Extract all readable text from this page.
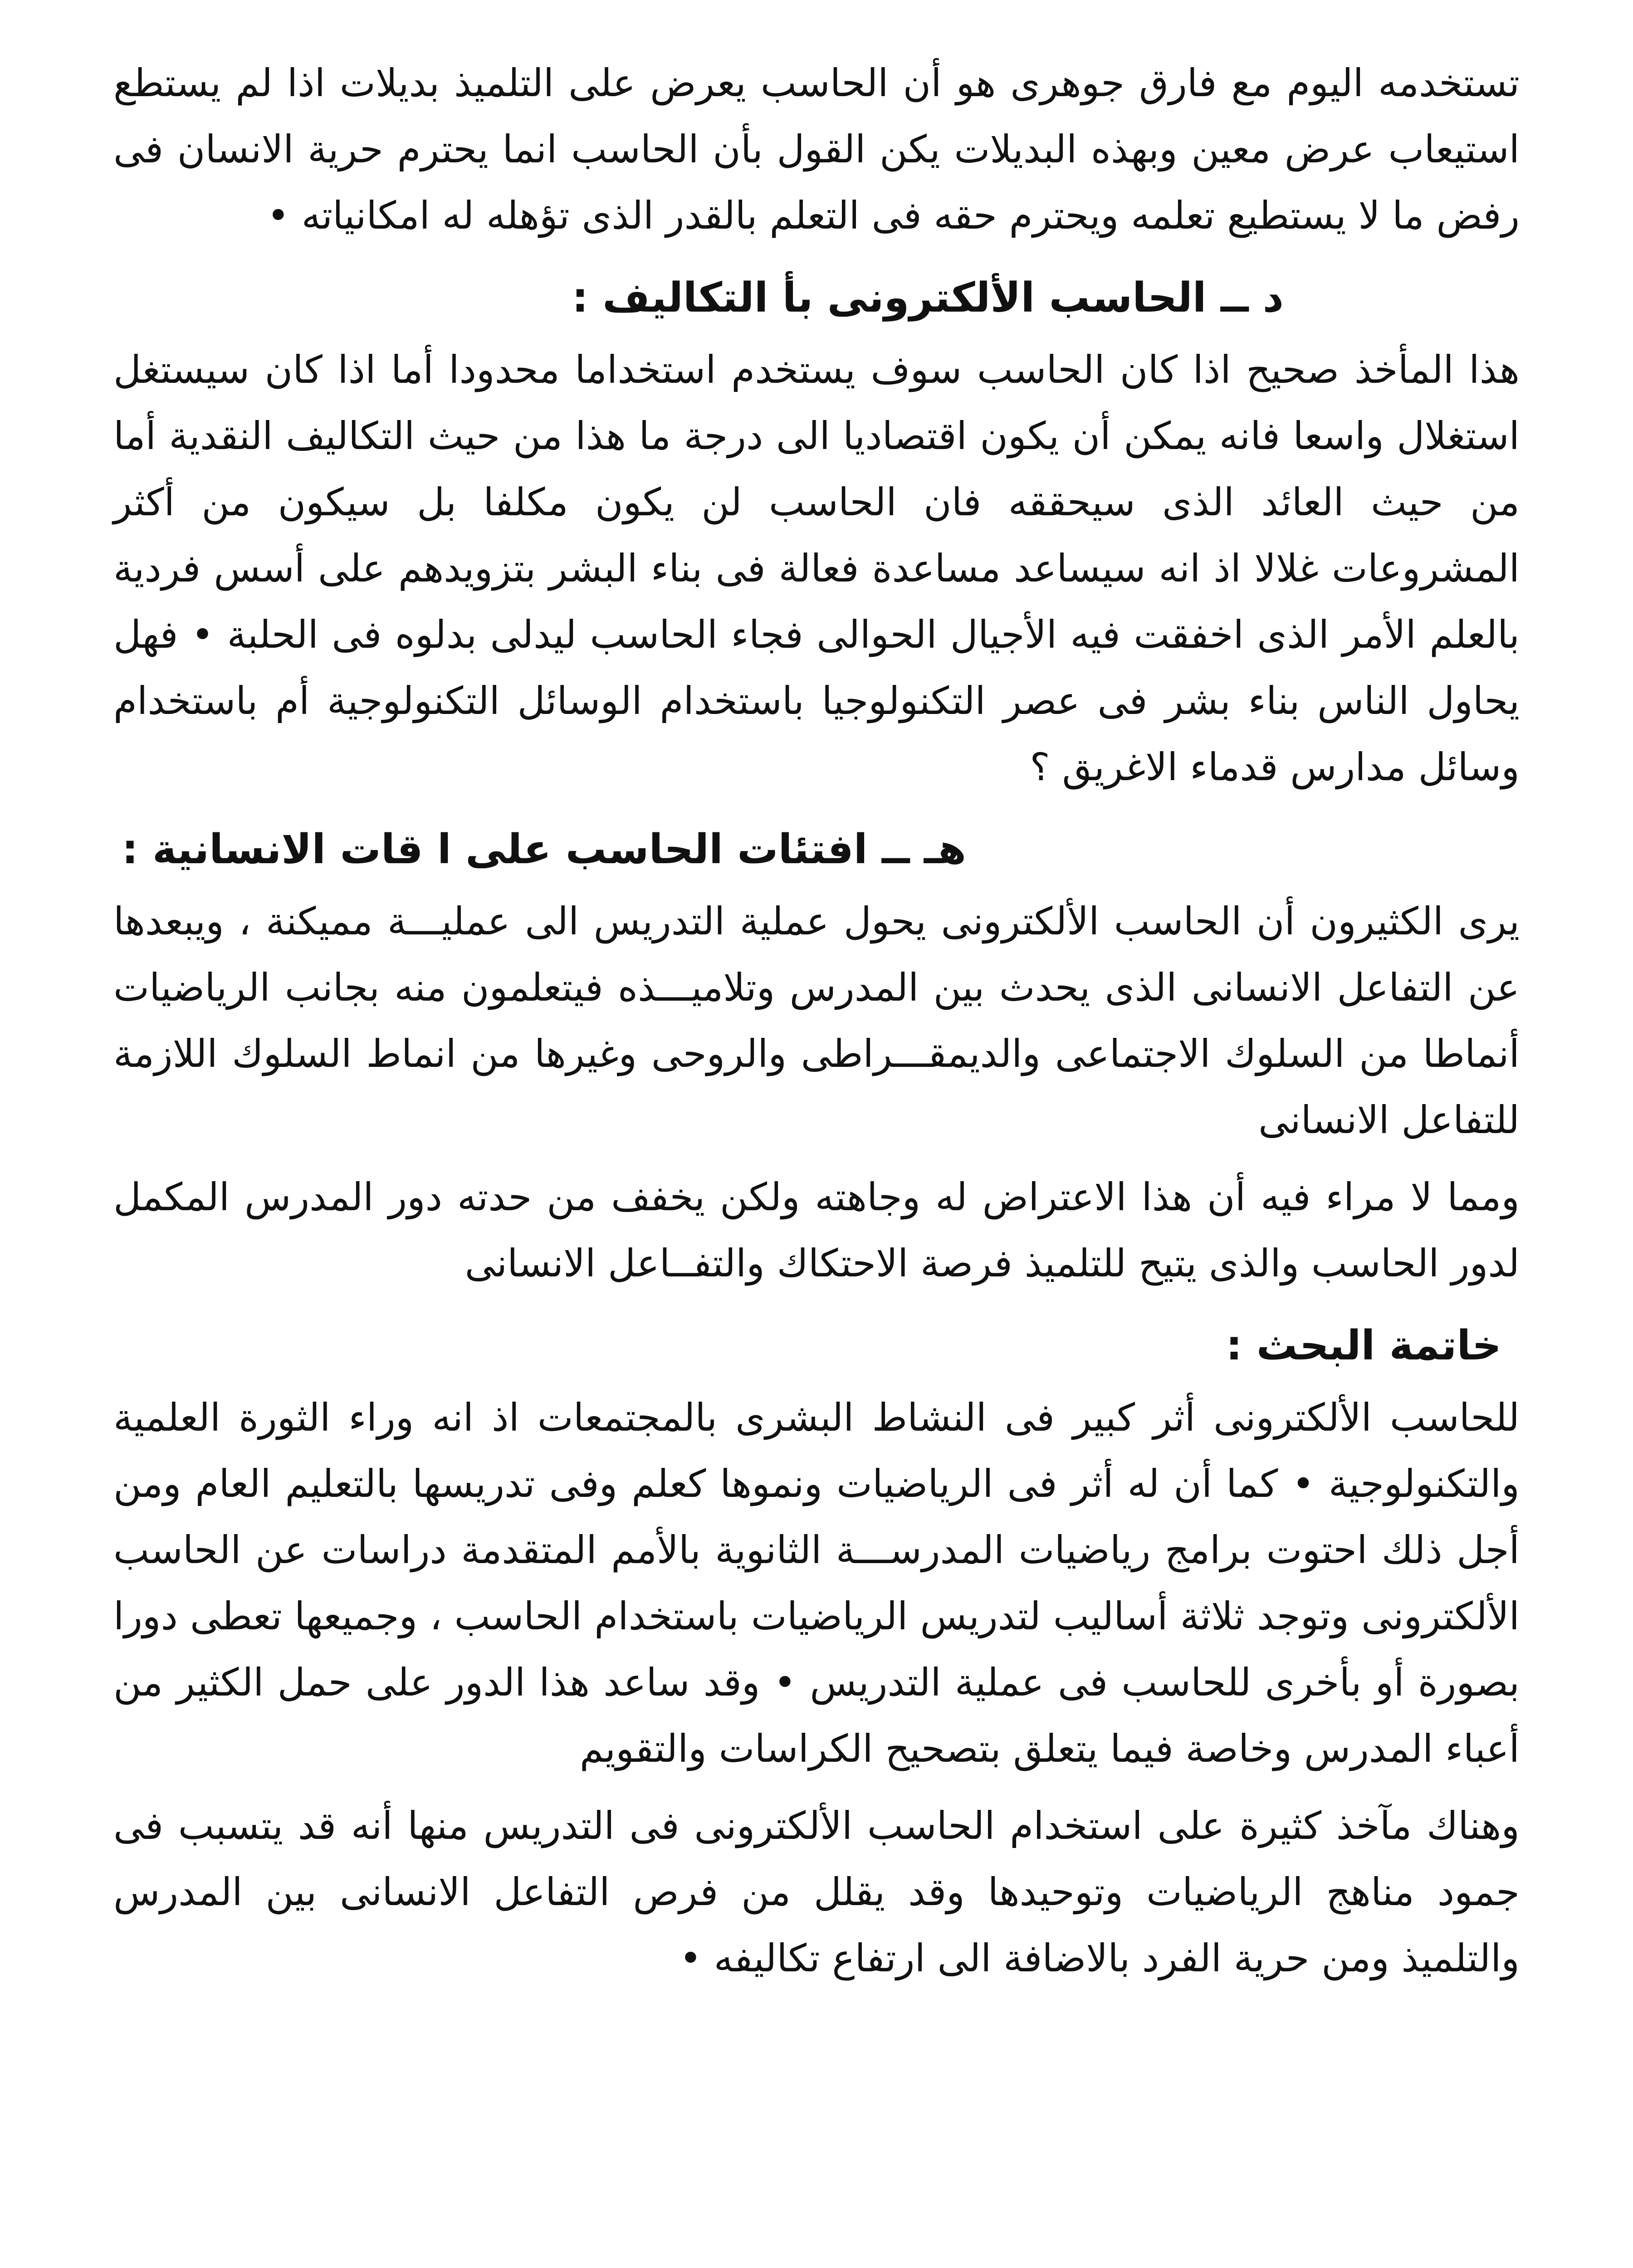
تستخدمه اليوم مع فارق جوهرى هو أن الحاسب يعرض على التلميذ بديلات اذا لم يستطع استيعاب عرض معين وبهذه البديلات يكن القول بأن الحاسب انما يحترم حرية الانسان فى رفض ما لا يستطيع تعلمه ويحترم حقه فى التعلم بالقدر الذى تؤهله له امكانياته •

د ــ الحاسب الألكترونى بأ التكاليف :

هذا المأخذ صحيح اذا كان الحاسب سوف يستخدم استخداما محدودا أما اذا كان سيستغل استغلال واسعا فانه يمكن أن يكون اقتصاديا الى درجة ما هذا من حيث التكاليف النقدية أما من حيث العائد الذى سيحققه فان الحاسب لن يكون مكلفا بل سيكون من أكثر المشروعات غلالا اذ انه سيساعد مساعدة فعالة فى بناء البشر بتزويدهم على أسس فردية بالعلم الأمر الذى اخفقت فيه الأجيال الحوالى فجاء الحاسب ليدلى بدلوه فى الحلبة • فهل يحاول الناس بناء بشر فى عصر التكنولوجيا باستخدام الوسائل التكنولوجية أم باستخدام وسائل مدارس قدماء الاغريق ؟

هـ ــ افتئات الحاسب على ا قات الانسانية :

يرى الكثيرون أن الحاسب الألكترونى يحول عملية التدريس الى عمليـــة مميكنة ، ويبعدها عن التفاعل الانسانى الذى يحدث بين المدرس وتلاميـــذه فيتعلمون منه بجانب الرياضيات أنماطا من السلوك الاجتماعى والديمقـــراطى والروحى وغيرها من انماط السلوك اللازمة للتفاعل الانسانى

ومما لا مراء فيه أن هذا الاعتراض له وجاهته ولكن يخفف من حدته دور المدرس المكمل لدور الحاسب والذى يتيح للتلميذ فرصة الاحتكاك والتفــاعل الانسانى

خاتمة البحث :

للحاسب الألكترونى أثر كبير فى النشاط البشرى بالمجتمعات اذ انه وراء الثورة العلمية والتكنولوجية • كما أن له أثر فى الرياضيات ونموها كعلم وفى تدريسها بالتعليم العام ومن أجل ذلك احتوت برامج رياضيات المدرســـة الثانوية بالأمم المتقدمة دراسات عن الحاسب الألكترونى وتوجد ثلاثة أساليب لتدريس الرياضيات باستخدام الحاسب ، وجميعها تعطى دورا بصورة أو بأخرى للحاسب فى عملية التدريس • وقد ساعد هذا الدور على حمل الكثير من أعباء المدرس وخاصة فيما يتعلق بتصحيح الكراسات والتقويم

وهناك مآخذ كثيرة على استخدام الحاسب الألكترونى فى التدريس منها أنه قد يتسبب فى جمود مناهج الرياضيات وتوحيدها وقد يقلل من فرص التفاعل الانسانى بين المدرس والتلميذ ومن حرية الفرد بالاضافة الى ارتفاع تكاليفه •
